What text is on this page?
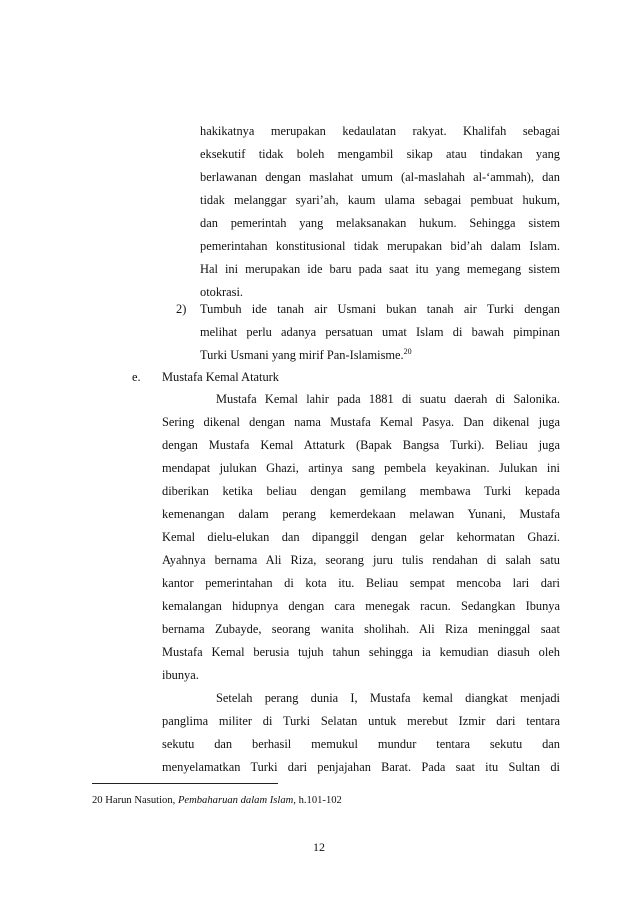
hakikatnya merupakan kedaulatan rakyat. Khalifah sebagai
eksekutif tidak boleh mengambil sikap atau tindakan yang
berlawanan dengan maslahat umum (al-maslahah al-‘ammah), dan
tidak melanggar syari’ah, kaum ulama sebagai pembuat hukum,
dan pemerintah yang melaksanakan hukum. Sehingga sistem
pemerintahan konstitusional tidak merupakan bid’ah dalam Islam.
Hal ini merupakan ide baru pada saat itu yang memegang sistem
otokrasi.
2) Tumbuh ide tanah air Usmani bukan tanah air Turki dengan
melihat perlu adanya persatuan umat Islam di bawah pimpinan
Turki Usmani yang mirif Pan-Islamisme.$^{20}$
e. Mustafa Kemal Ataturk
Mustafa Kemal lahir pada 1881 di suatu daerah di Salonika.
Sering dikenal dengan nama Mustafa Kemal Pasya. Dan dikenal juga
dengan Mustafa Kemal Attaturk (Bapak Bangsa Turki). Beliau juga
mendapat julukan Ghazi, artinya sang pembela keyakinan. Julukan ini
diberikan ketika beliau dengan gemilang membawa Turki kepada
kemenangan dalam perang kemerdekaan melawan Yunani, Mustafa
Kemal dielu-elukan dan dipanggil dengan gelar kehormatan Ghazi.
Ayahnya bernama Ali Riza, seorang juru tulis rendahan di salah satu
kantor pemerintahan di kota itu. Beliau sempat mencoba lari dari
kemalangan hidupnya dengan cara menegak racun. Sedangkan Ibunya
bernama Zubayde, seorang wanita sholihah. Ali Riza meninggal saat
Mustafa Kemal berusia tujuh tahun sehingga ia kemudian diasuh oleh
ibunya.
Setelah perang dunia I, Mustafa kemal diangkat menjadi
panglima militer di Turki Selatan untuk merebut Izmir dari tentara
sekutu dan berhasil memukul mundur tentara sekutu dan
menyelamatkan Turki dari penjajahan Barat. Pada saat itu Sultan di
20 Harun Nasution, Pembaharuan dalam Islam, h.101-102
12
